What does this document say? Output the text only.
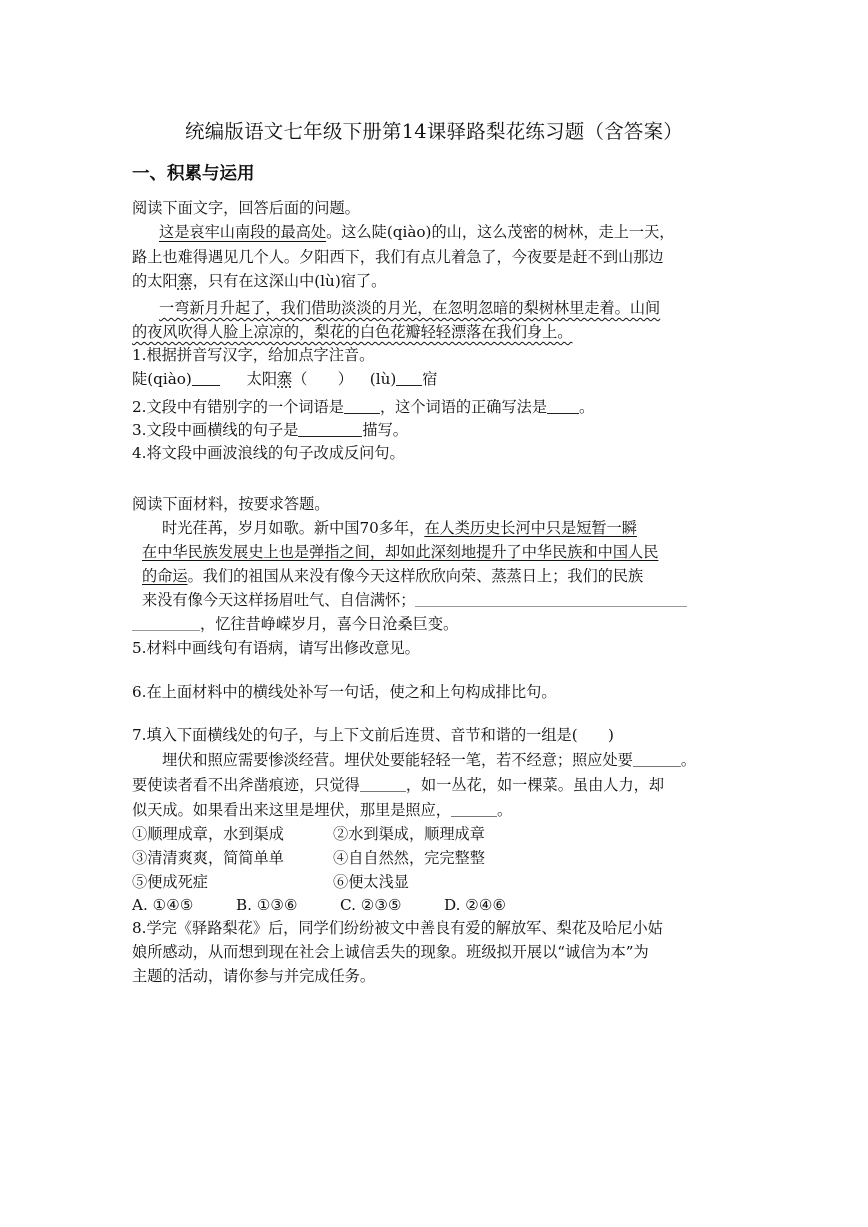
统编版语文七年级下册第14课驿路梨花练习题（含答案）
一、积累与运用
阅读下面文字，回答后面的问题。
这是哀牢山南段的最高处。这么陡(qiào)的山，这么茂密的树林，走上一天，
路上也难得遇见几个人。夕阳西下，我们有点儿着急了，今夜要是赶不到山那边
的太阳寨，只有在这深山中(lù)宿了。
一弯新月升起了，我们借助淡淡的月光，在忽明忽暗的梨树林里走着。山间
的夜风吹得人脸上凉凉的，梨花的白色花瓣轻轻漂落在我们身上。
1.根据拼音写汉字，给加点字注音。
陡(qiào)	太阳寨（　　） (lù) 宿
2.文段中有错别字的一个词语是 ，这个词语的正确写法是 。
3.文段中画横线的句子是	描写。
4.将文段中画波浪线的句子改成反问句。
阅读下面材料，按要求答题。
时光荏苒，岁月如歌。新中国70多年，在人类历史长河中只是短暂一瞬
在中华民族发展史上也是弹指之间，却如此深刻地提升了中华民族和中国人民
的命运。我们的祖国从来没有像今天这样欣欣向荣、蒸蒸日上；我们的民族
来没有像今天这样扬眉吐气、自信满怀；
，忆往昔峥嵘岁月，喜今日沧桑巨变。
5.材料中画线句有语病，请写出修改意见。
6.在上面材料中的横线处补写一句话，使之和上句构成排比句。
7.填入下面横线处的句子，与上下文前后连贯、音节和谐的一组是(　　)
埋伏和照应需要惨淡经营。埋伏处要能轻轻一笔，若不经意；照应处要	。
要使读者看不出斧凿痕迹，只觉得	，如一丛花，如一棵菜。虽由人力，却
似天成。如果看出来这里是埋伏，那里是照应，	。
①顺理成章，水到渠成	②水到渠成，顺理成章
③清清爽爽，简简单单	④自自然然，完完整整
⑤便成死症	⑥便太浅显
A. ①④⑤	B. ①③⑥	C. ②③⑤	D. ②④⑥
8.学完《驿路梨花》后，同学们纷纷被文中善良有爱的解放军、梨花及哈尼小姑
娘所感动，从而想到现在社会上诚信丢失的现象。班级拟开展以“诚信为本”为
主题的活动，请你参与并完成任务。
